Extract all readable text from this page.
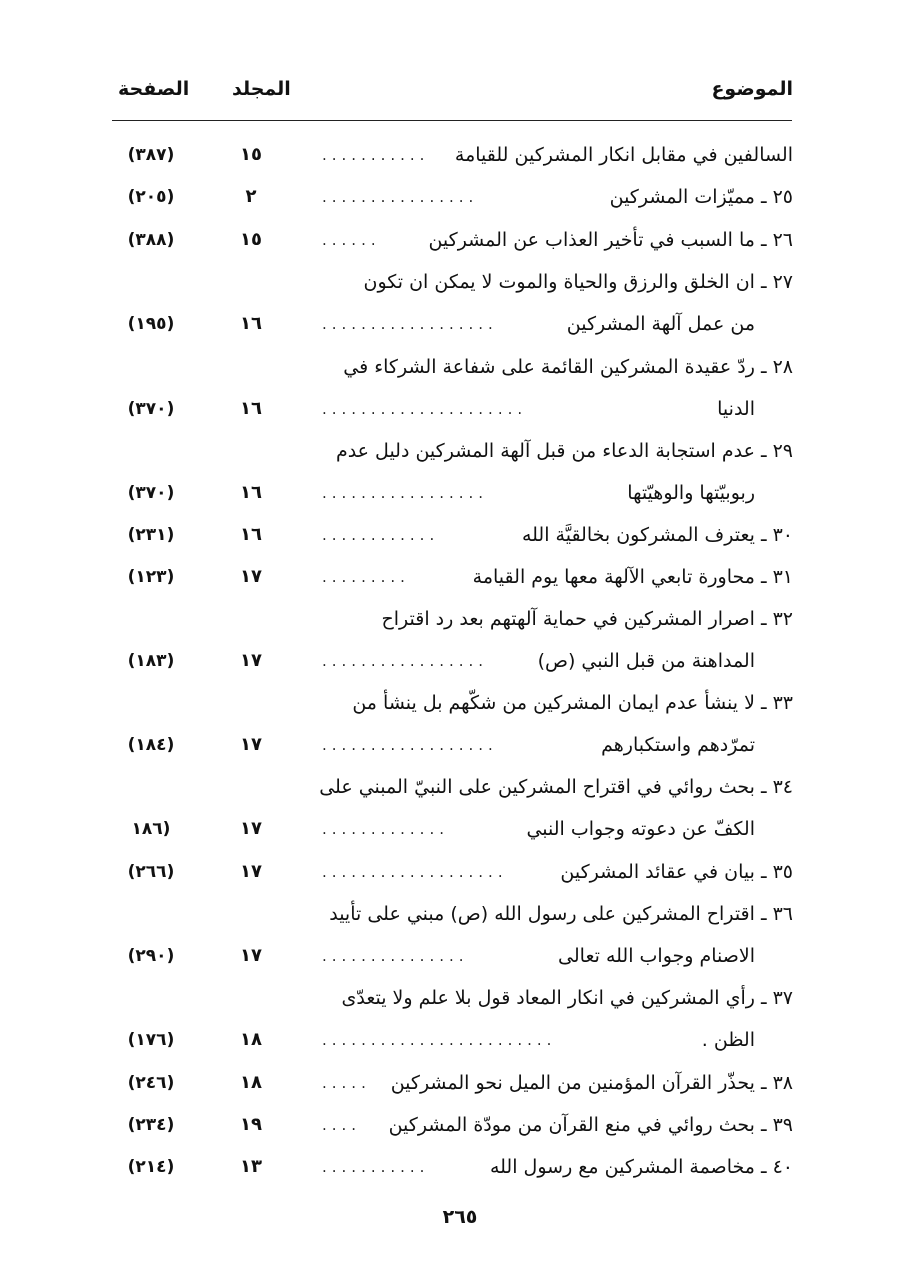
الموضوع
المجلد
الصفحة
السالفين في مقابل انكار المشركين للقيامة
...........
١٥
(٣٨٧)
٢٥ ـ مميّزات المشركين
................
٢
(٢٠٥)
٢٦ ـ ما السبب في تأخير العذاب عن المشركين
......
١٥
(٣٨٨)
٢٧ ـ ان الخلق والرزق والحياة والموت لا يمكن ان تكون
من عمل آلهة المشركين
..................
١٦
(١٩٥)
٢٨ ـ ردّ عقيدة المشركين القائمة على شفاعة الشركاء في
الدنيا
.....................
١٦
(٣٧٠)
٢٩ ـ عدم استجابة الدعاء من قبل آلهة المشركين دليل عدم
ربوبيّتها والوهيّتها
.................
١٦
(٣٧٠)
٣٠ ـ يعترف المشركون بخالقيَّة الله
............
١٦
(٢٣١)
٣١ ـ محاورة تابعي الآلهة معها يوم القيامة
.........
١٧
(١٢٣)
٣٢ ـ اصرار المشركين في حماية آلهتهم بعد رد اقتراح
المداهنة من قبل النبي (ص)
.................
١٧
(١٨٣)
٣٣ ـ لا ينشأ عدم ايمان المشركين من شكّهم بل ينشأ من
تمرّدهم واستكبارهم
..................
١٧
(١٨٤)
٣٤ ـ بحث روائي في اقتراح المشركين على النبيّ المبني على
الكفّ عن دعوته وجواب النبي
.............
١٧
(١٨٦
٣٥ ـ بيان في عقائد المشركين
...................
١٧
(٢٦٦)
٣٦ ـ اقتراح المشركين على رسول الله (ص) مبني على تأييد
الاصنام وجواب الله تعالى
...............
١٧
(٢٩٠)
٣٧ ـ رأي المشركين في انكار المعاد قول بلا علم ولا يتعدّى
الظن .
........................
١٨
(١٧٦)
٣٨ ـ يحذّر القرآن المؤمنين من الميل نحو المشركين
.....
١٨
(٢٤٦)
٣٩ ـ بحث روائي في منع القرآن من مودّة المشركين
....
١٩
(٢٣٤)
٤٠ ـ مخاصمة المشركين مع رسول الله
...........
١٣
(٢١٤)
٢٦٥
